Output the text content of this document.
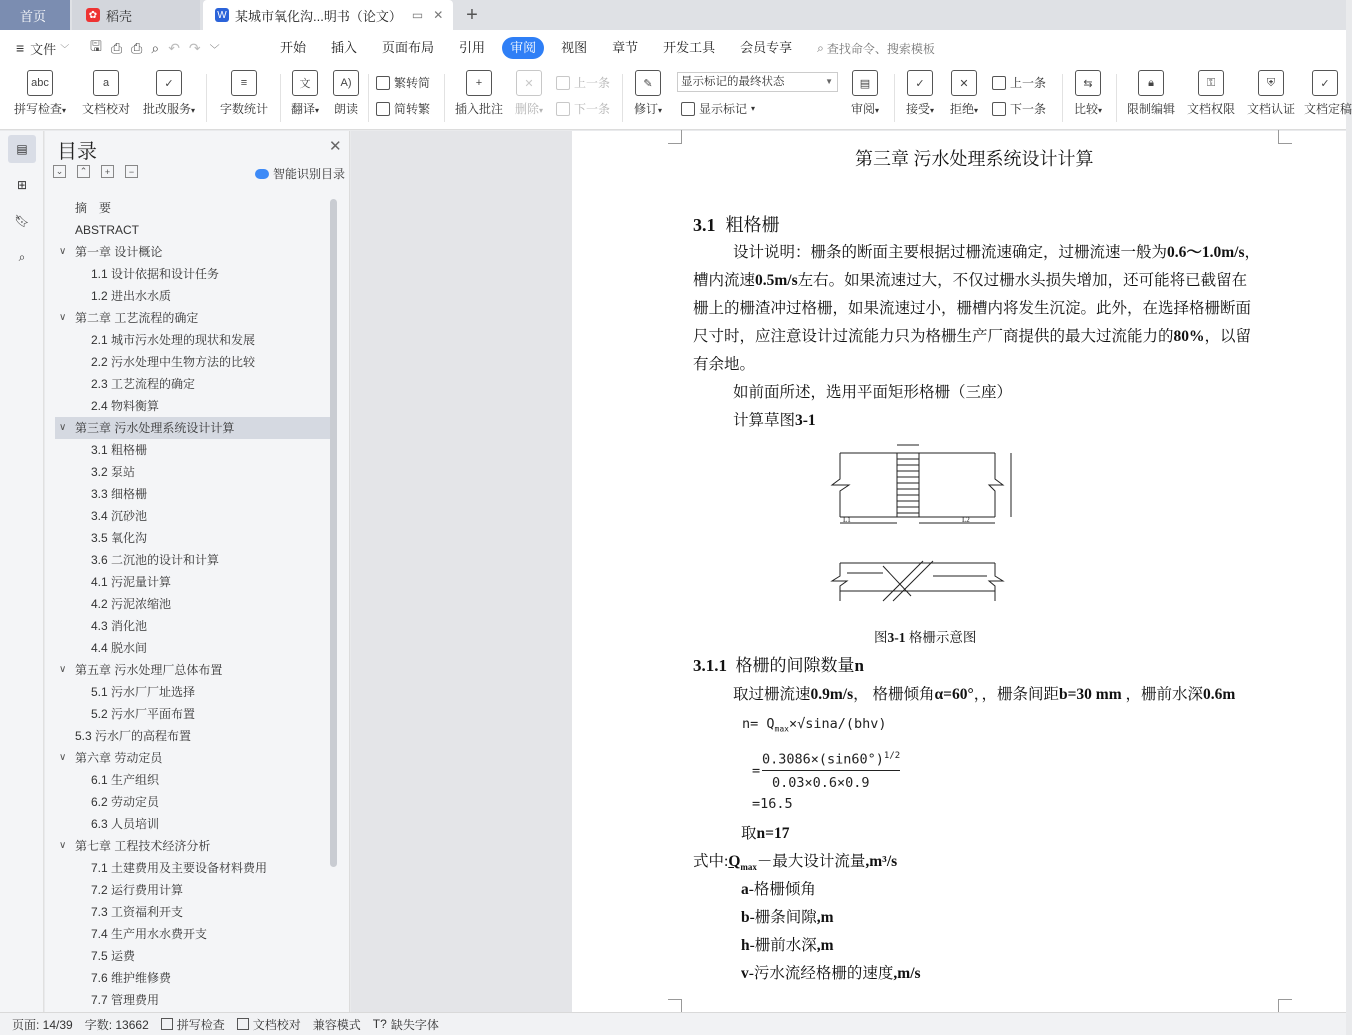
首页	✿ 稻壳	W 某城市氧化沟...明书（论文） ▭ ✕	+
≡ 文件 ﹀ 🖫 ⎙ ⎙ ⌕ ↶ ↷ ﹀	开始 插入 页面布局 引用	审阅	视图 章节 开发工具 会员专享 ⌕ 查找命令、搜索模板
abc
拼写检查▾
a
文档校对
✓
批改服务▾
≡
字数统计
文
翻译▾
A)
朗读
繁转简
简转繁
+
插入批注
✕
删除▾
上一条
下一条
✎
修订▾
显示标记的最终状态	▼
显示标记 ▾
▤
审阅▾
✓
接受▾
✕
拒绝▾
上一条
下一条
⇆
比较▾
🔒︎
限制编辑
⚿
文档权限
⛨
文档认证
✓
文档定稿
▤
⊞
🔖︎
⌕
目录	✕
⌄	⌃	+	−	智能识别目录
摘　要
ABSTRACT
∨ 第一章 设计概论
1.1 设计依据和设计任务
1.2 进出水水质
∨ 第二章 工艺流程的确定
2.1 城市污水处理的现状和发展
2.2 污水处理中生物方法的比较
2.3 工艺流程的确定
2.4 物料衡算
∨ 第三章 污水处理系统设计计算
3.1 粗格栅
3.2 泵站
3.3 细格栅
3.4 沉砂池
3.5 氧化沟
3.6 二沉池的设计和计算
4.1 污泥量计算
4.2 污泥浓缩池
4.3 消化池
4.4 脱水间
∨ 第五章 污水处理厂总体布置
5.1 污水厂厂址选择
5.2 污水厂平面布置
5.3 污水厂的高程布置
∨ 第六章 劳动定员
6.1 生产组织
6.2 劳动定员
6.3 人员培训
∨ 第七章 工程技术经济分析
7.1 土建费用及主要设备材料费用
7.2 运行费用计算
7.3 工资福利开支
7.4 生产用水水费开支
7.5 运费
7.6 维护维修费
7.7 管理费用
第三章 污水处理系统设计计算
3.1 粗格栅
设计说明：栅条的断面主要根据过栅流速确定，过栅流速一般为0.6～1.0m/s，
槽内流速0.5m/s左右。如果流速过大，不仅过栅水头损失增加，还可能将已截留在
栅上的栅渣冲过格栅，如果流速过小，栅槽内将发生沉淀。此外，在选择格栅断面
尺寸时，应注意设计过流能力只为格栅生产厂商提供的最大过流能力的80%，以留
有余地。
如前面所述，选用平面矩形格栅（三座）
计算草图3-1
L1	L2
图3-1 格栅示意图
3.1.1 格栅的间隙数量n
取过栅流速0.9m/s， 格栅倾角α=60°，，栅条间距b=30 mm ，栅前水深0.6m
$n= Q_{max}\times√\sin a/(bhv)$
=
$0.3086\times(\sin 60^\circ)^{1/2}$
0.03×0.6×0.9
=16.5
取n=17
式中$:Q_{max}-$最大设计流量,m³/s
a-格栅倾角
b-栅条间隙,m
h-栅前水深,m
v-污水流经格栅的速度,m/s
页面: 14/39 字数: 13662 拼写检查 文档校对 兼容模式 T? 缺失字体
